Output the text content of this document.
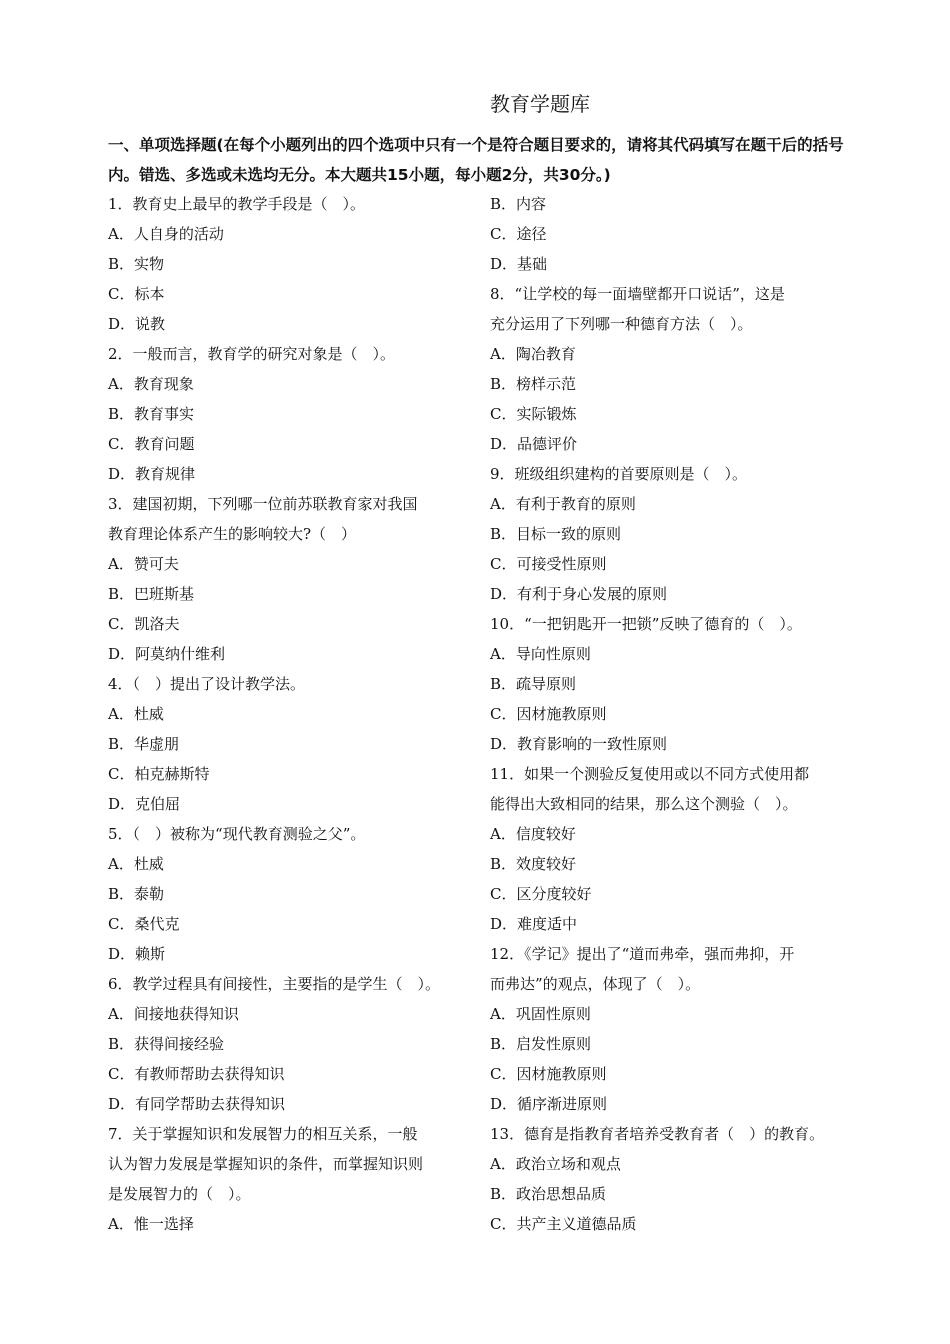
教育学题库
一、单项选择题(在每个小题列出的四个选项中只有一个是符合题目要求的，请将其代码填写在题干后的括号内。错选、多选或未选均无分。本大题共15小题，每小题2分，共30分。)
1．教育史上最早的教学手段是（　）。
A．人自身的活动
B．实物
C．标本
D．说教
2．一般而言，教育学的研究对象是（　）。
A．教育现象
B．教育事实
C．教育问题
D．教育规律
3．建国初期，下列哪一位前苏联教育家对我国
教育理论体系产生的影响较大?（　）
A．赞可夫
B．巴班斯基
C．凯洛夫
D．阿莫纳什维利
4．（　）提出了设计教学法。
A．杜威
B．华虚朋
C．柏克赫斯特
D．克伯屈
5．（　）被称为“现代教育测验之父”。
A．杜威
B．泰勒
C．桑代克
D．赖斯
6．教学过程具有间接性，主要指的是学生（　）。
A．间接地获得知识
B．获得间接经验
C．有教师帮助去获得知识
D．有同学帮助去获得知识
7．关于掌握知识和发展智力的相互关系，一般
认为智力发展是掌握知识的条件，而掌握知识则
是发展智力的（　）。
A．惟一选择
B．内容
C．途径
D．基础
8．“让学校的每一面墙壁都开口说话”，这是
充分运用了下列哪一种德育方法（　）。
A．陶冶教育
B．榜样示范
C．实际锻炼
D．品德评价
9．班级组织建构的首要原则是（　）。
A．有利于教育的原则
B．目标一致的原则
C．可接受性原则
D．有利于身心发展的原则
10．“一把钥匙开一把锁”反映了德育的（　）。
A．导向性原则
B．疏导原则
C．因材施教原则
D．教育影响的一致性原则
11．如果一个测验反复使用或以不同方式使用都
能得出大致相同的结果，那么这个测验（　）。
A．信度较好
B．效度较好
C．区分度较好
D．难度适中
12．《学记》提出了“道而弗牵，强而弗抑，开
而弗达”的观点，体现了（　）。
A．巩固性原则
B．启发性原则
C．因材施教原则
D．循序渐进原则
13．德育是指教育者培养受教育者（　）的教育。
A．政治立场和观点
B．政治思想品质
C．共产主义道德品质
